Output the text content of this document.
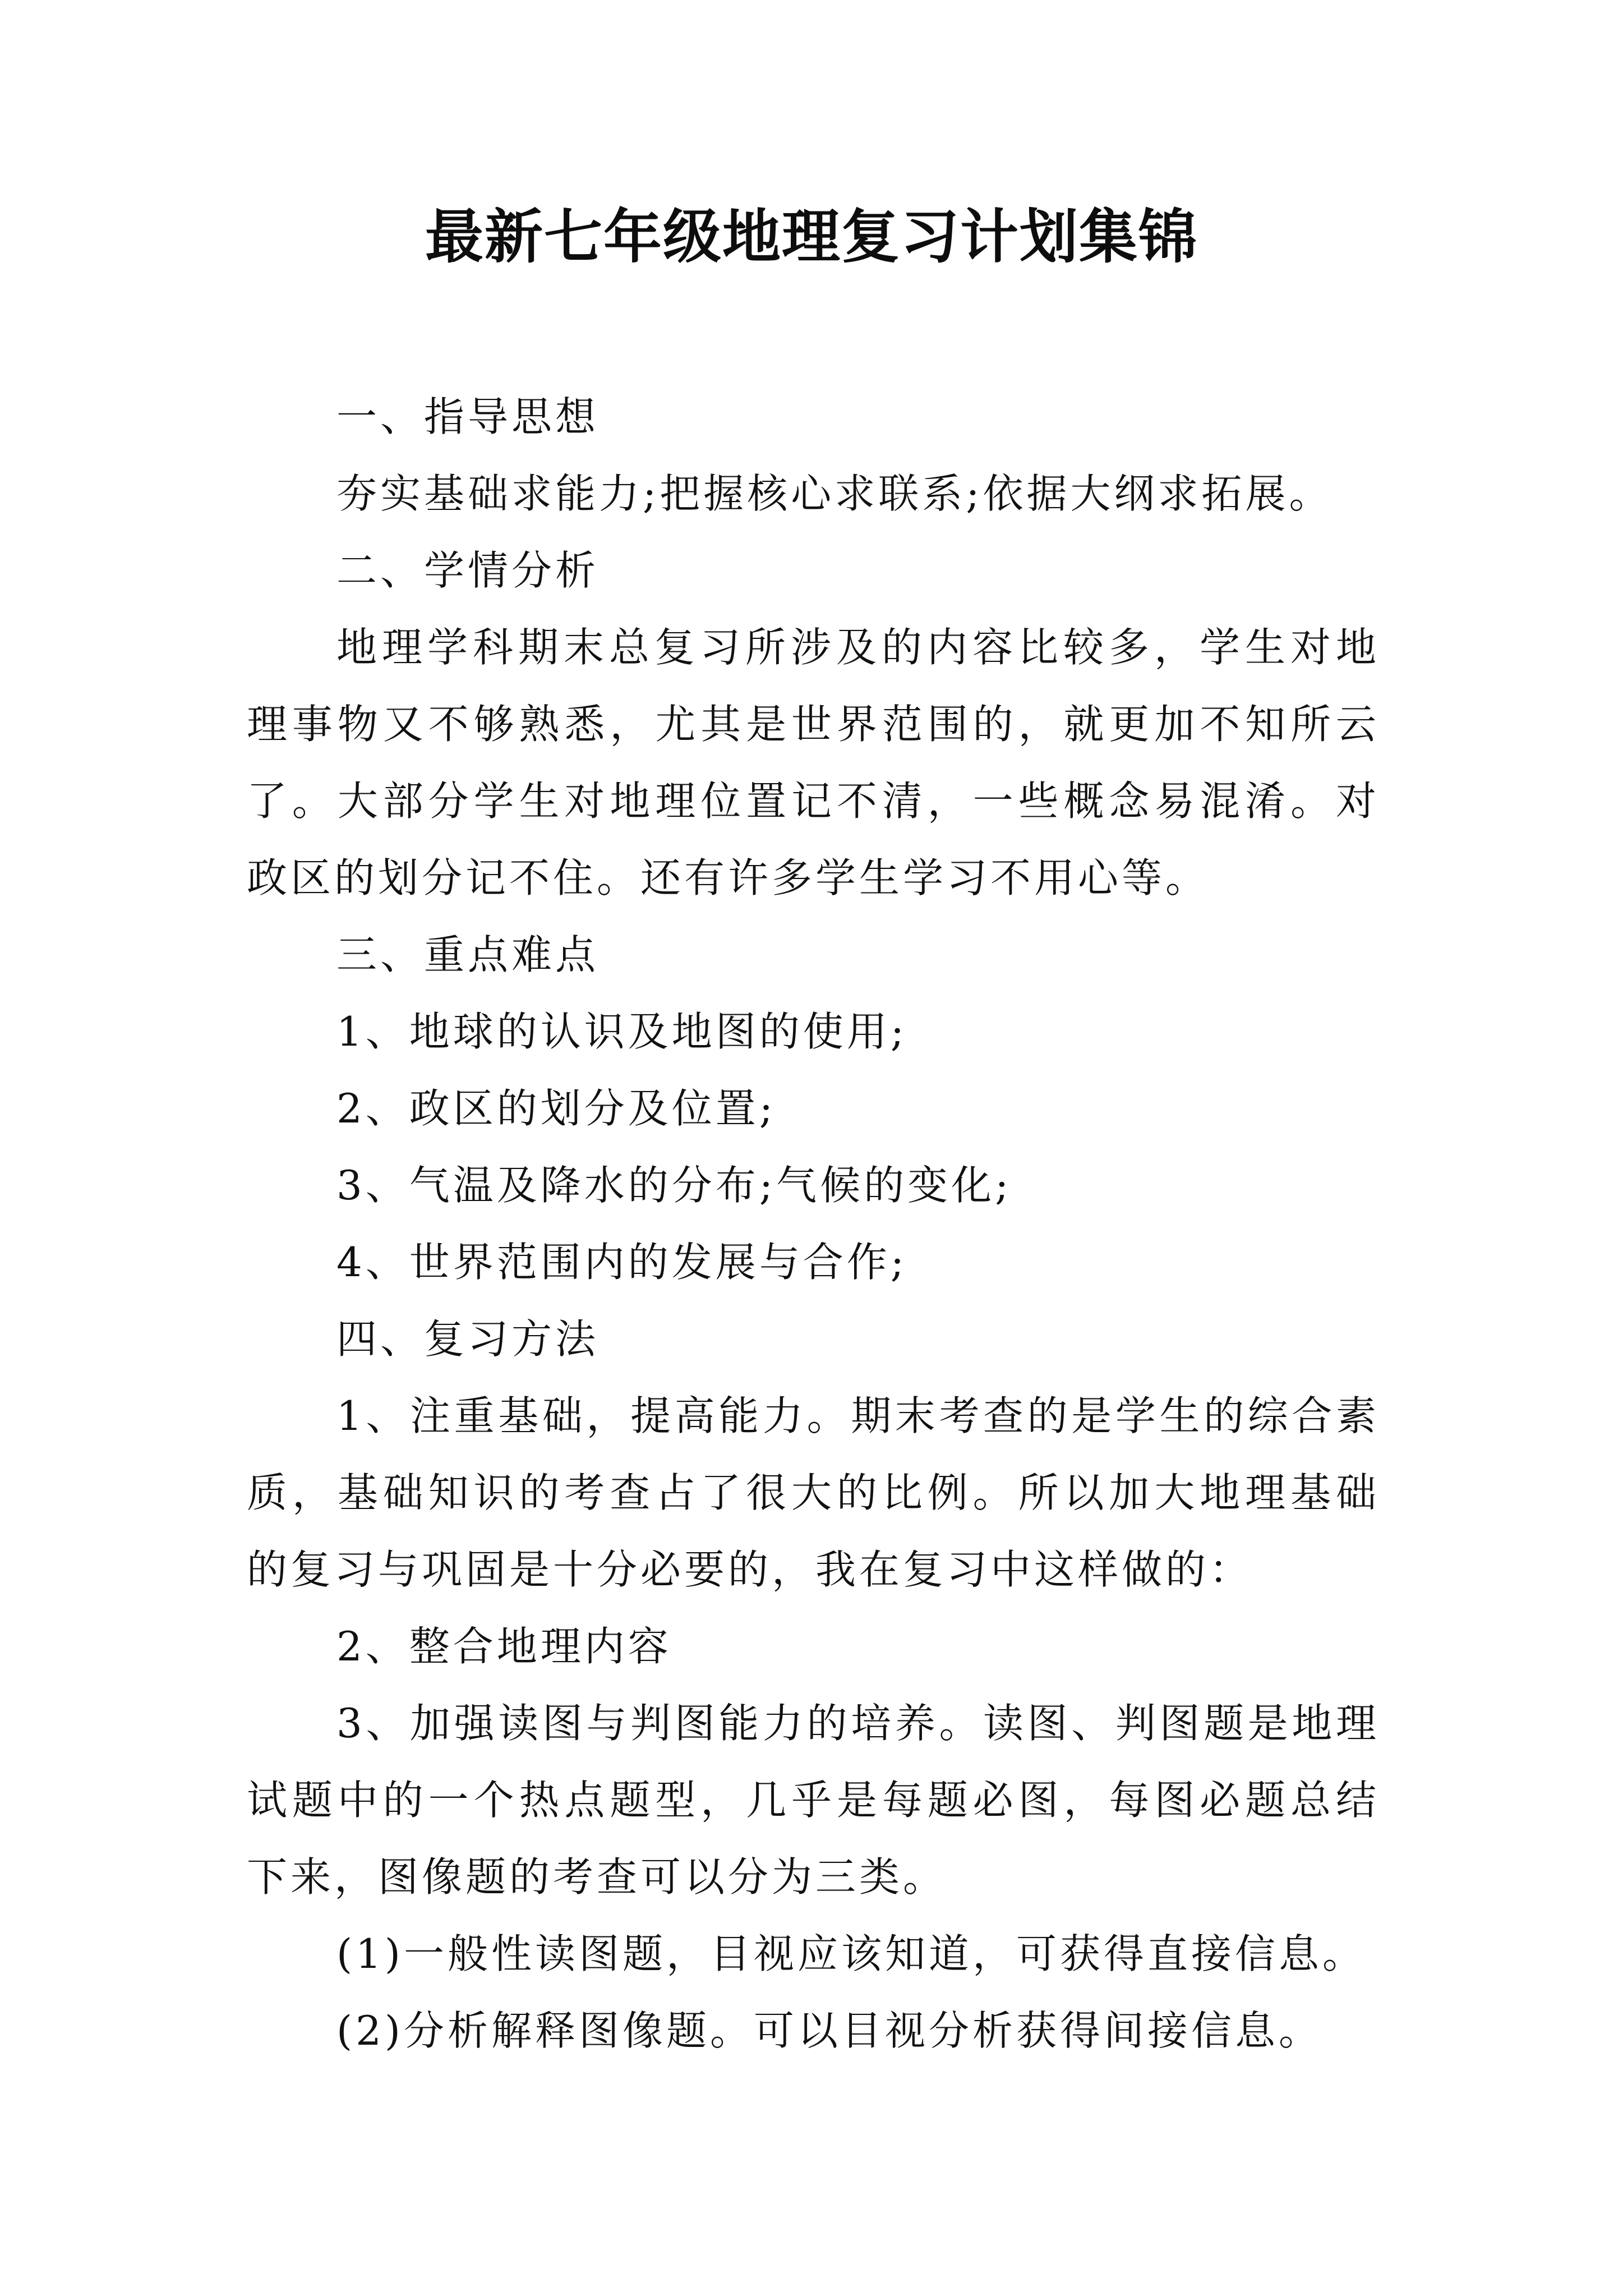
最新七年级地理复习计划集锦

一、指导思想

夯实基础求能力;把握核心求联系;依据大纲求拓展。

二、学情分析

地理学科期末总复习所涉及的内容比较多，学生对地理事物又不够熟悉，尤其是世界范围的，就更加不知所云了。大部分学生对地理位置记不清，一些概念易混淆。对政区的划分记不住。还有许多学生学习不用心等。

三、重点难点

1、地球的认识及地图的使用;

2、政区的划分及位置;

3、气温及降水的分布;气候的变化;

4、世界范围内的发展与合作;

四、复习方法

1、注重基础，提高能力。期末考查的是学生的综合素质，基础知识的考查占了很大的比例。所以加大地理基础的复习与巩固是十分必要的，我在复习中这样做的：

2、整合地理内容

3、加强读图与判图能力的培养。读图、判图题是地理试题中的一个热点题型，几乎是每题必图，每图必题总结下来，图像题的考查可以分为三类。

(1)一般性读图题，目视应该知道，可获得直接信息。

(2)分析解释图像题。可以目视分析获得间接信息。
